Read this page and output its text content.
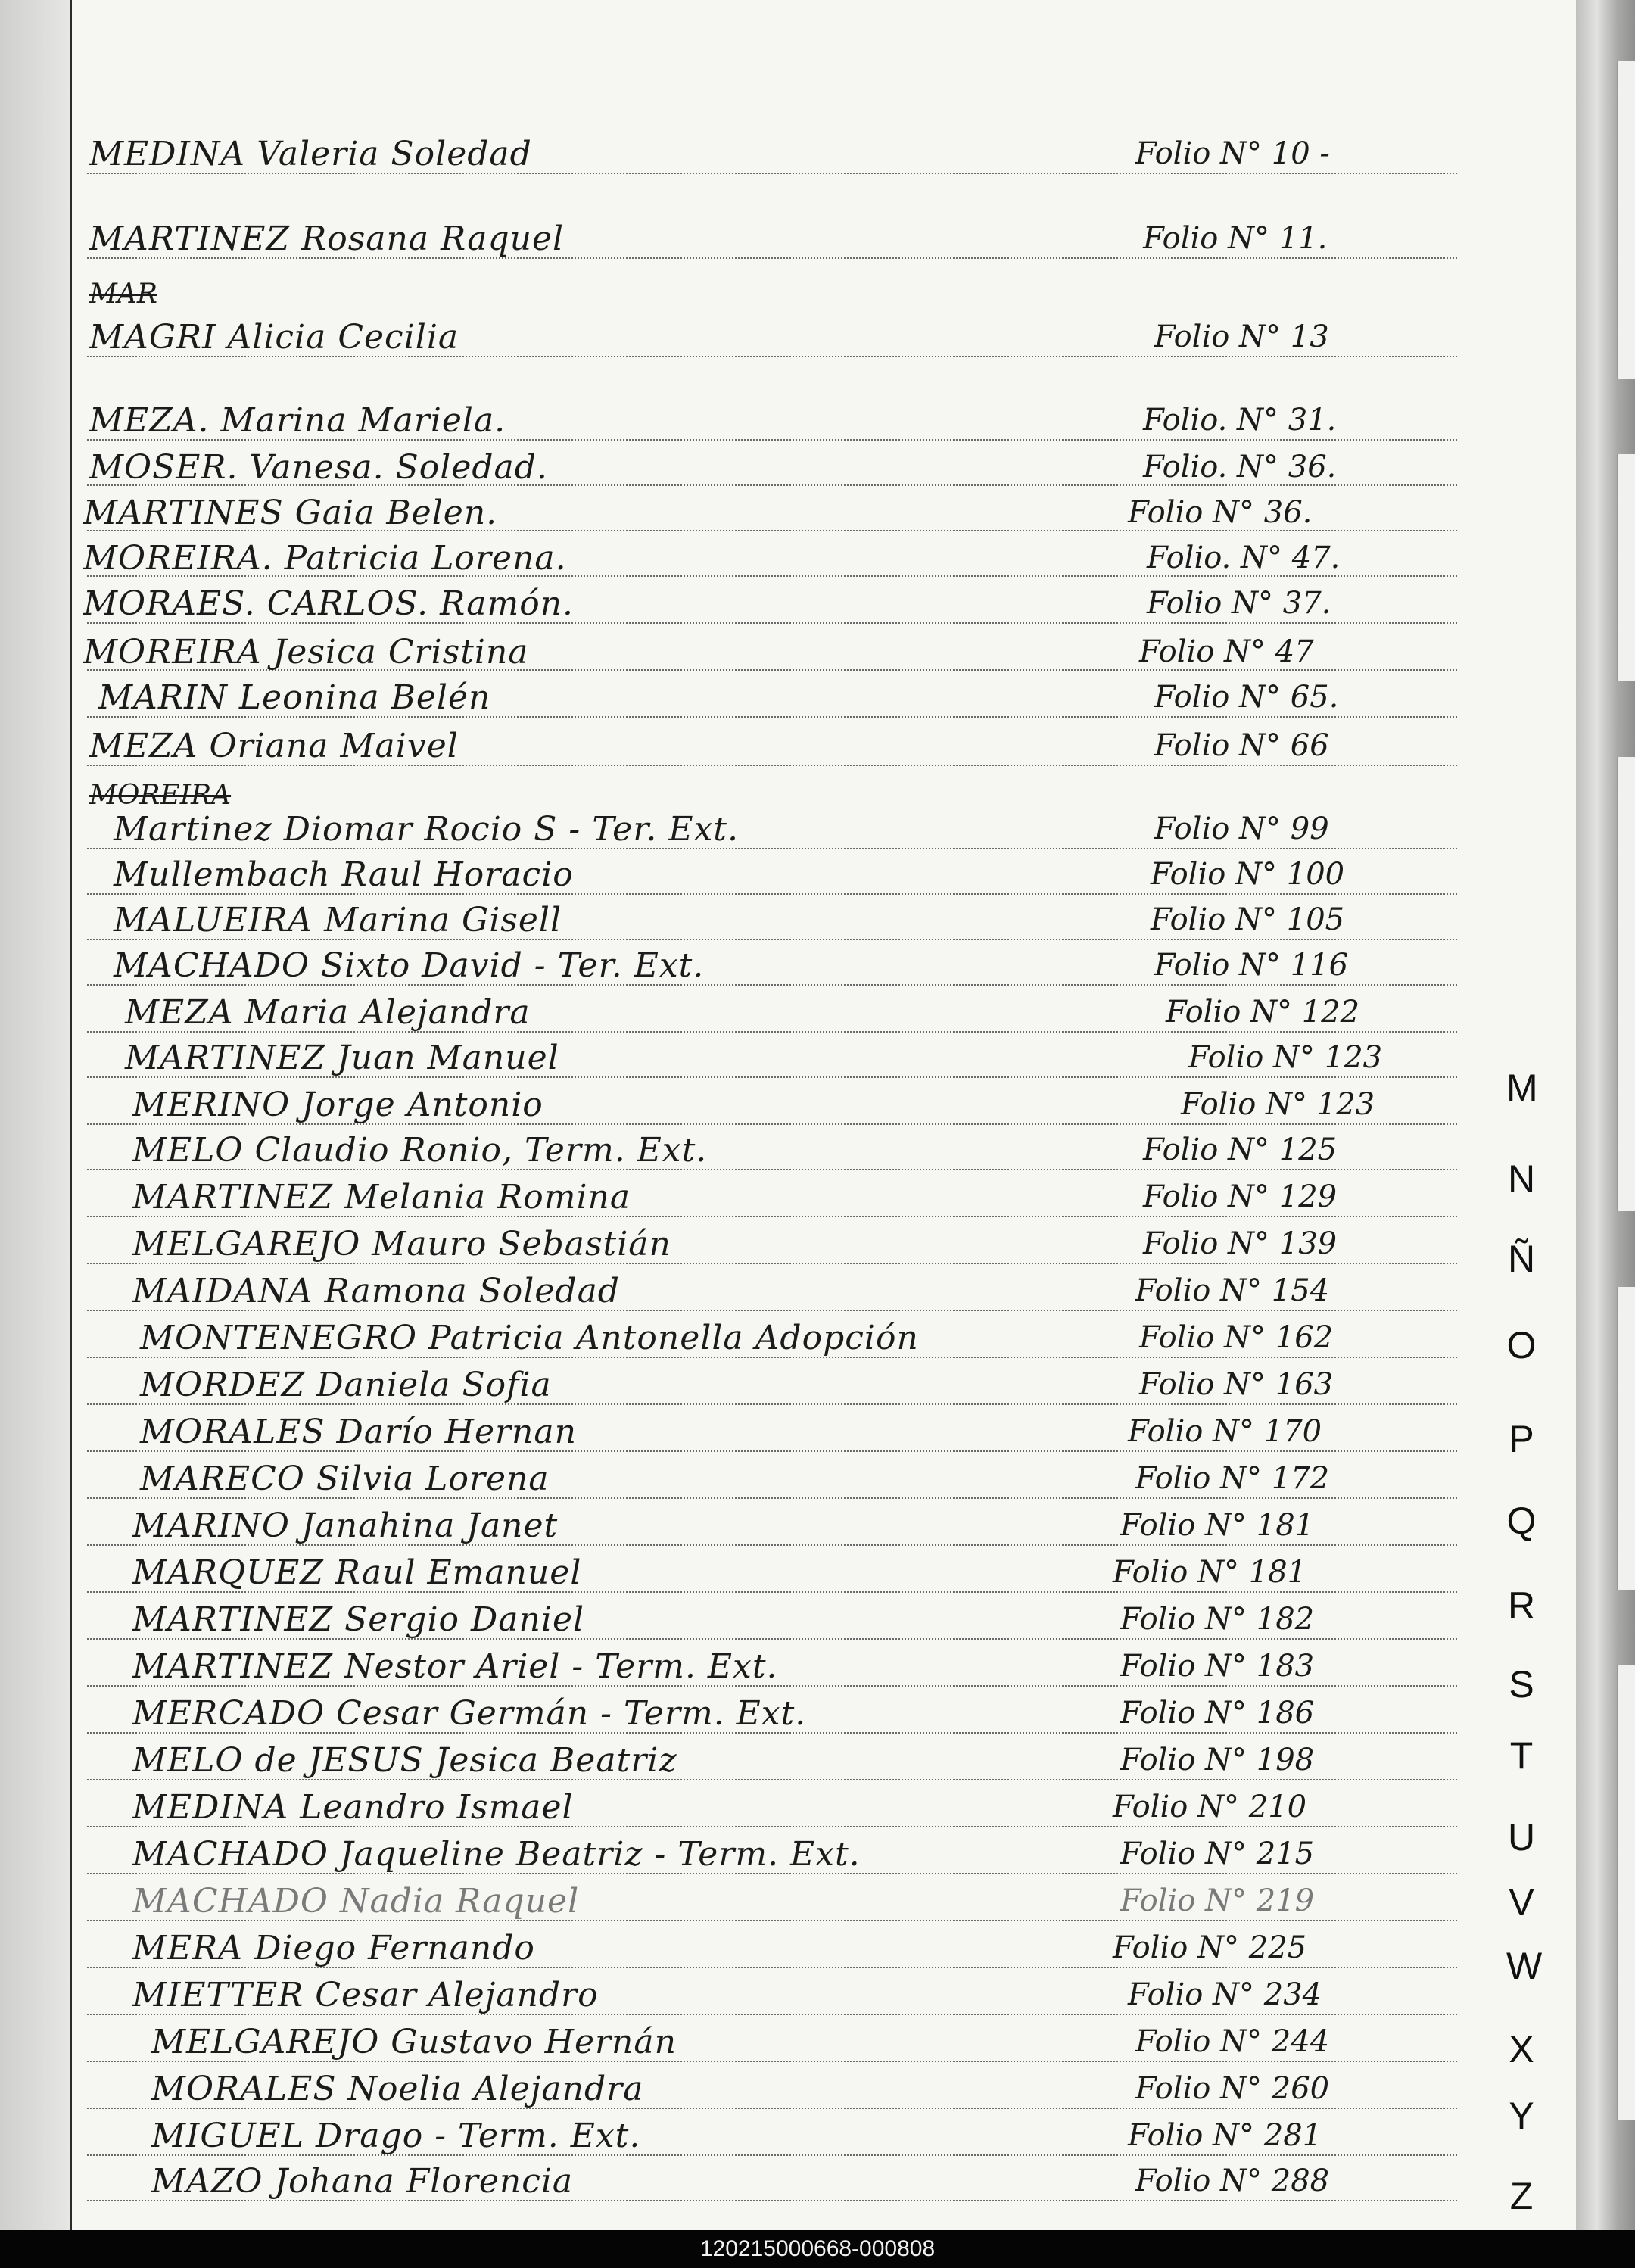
MEDINA Valeria Soledad	Folio N° 10 -
MARTINEZ Rosana Raquel	Folio N° 11.
MAGRI Alicia Cecilia	Folio N° 13
MEZA. Marina Mariela.	Folio. N° 31.
MOSER. Vanesa. Soledad.	Folio. N° 36.
MARTINES Gaia Belen.	Folio N° 36.
MOREIRA. Patricia Lorena.	Folio. N° 47.
MORAES. CARLOS. Ramón.	Folio N° 37.
MOREIRA Jesica Cristina	Folio N° 47
MARIN Leonina Belén	Folio N° 65.
MEZA Oriana Maivel	Folio N° 66
Martinez Diomar Rocio S - Ter. Ext.	Folio N° 99
Mullembach Raul Horacio	Folio N° 100
MALUEIRA Marina Gisell	Folio N° 105
MACHADO Sixto David - Ter. Ext.	Folio N° 116
MEZA Maria Alejandra	Folio N° 122
MARTINEZ Juan Manuel	Folio N° 123
MERINO Jorge Antonio	Folio N° 123
MELO Claudio Ronio, Term. Ext.	Folio N° 125
MARTINEZ Melania Romina	Folio N° 129
MELGAREJO Mauro Sebastián	Folio N° 139
MAIDANA Ramona Soledad	Folio N° 154
MONTENEGRO Patricia Antonella Adopción	Folio N° 162
MORDEZ Daniela Sofia	Folio N° 163
MORALES Darío Hernan	Folio N° 170
MARECO Silvia Lorena	Folio N° 172
MARINO Janahina Janet	Folio N° 181
MARQUEZ Raul Emanuel	Folio N° 181
MARTINEZ Sergio Daniel	Folio N° 182
MARTINEZ Nestor Ariel - Term. Ext.	Folio N° 183
MERCADO Cesar Germán - Term. Ext.	Folio N° 186
MELO de JESUS Jesica Beatriz	Folio N° 198
MEDINA Leandro Ismael	Folio N° 210
MACHADO Jaqueline Beatriz - Term. Ext.	Folio N° 215
MACHADO Nadia Raquel	Folio N° 219
MERA Diego Fernando	Folio N° 225
MIETTER Cesar Alejandro	Folio N° 234
MELGAREJO Gustavo Hernán	Folio N° 244
MORALES Noelia Alejandra	Folio N° 260
MIGUEL Drago - Term. Ext.	Folio N° 281
MAZO Johana Florencia	Folio N° 288
MAR
MOREIRA
M
N
Ñ
O
P
Q
R
S
T
U
V
W
X
Y
Z
120215000668-000808
